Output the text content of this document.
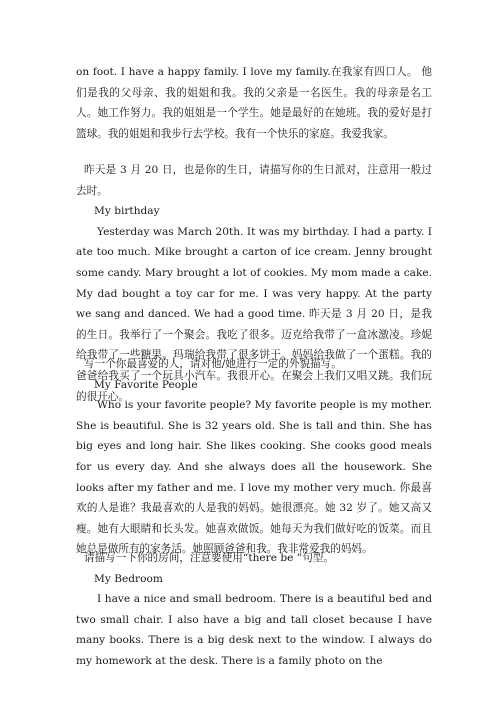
on foot. I have a happy family. I love my family.在我家有四口人。 他们是我的父母亲、我的姐姐和我。我的父亲是一名医生。我的母亲是名工人。她工作努力。我的姐姐是一个学生。她是最好的在她班。我的爱好是打篮球。我的姐姐和我步行去学校。我有一个快乐的家庭。我爱我家。

昨天是 3 月 20 日，也是你的生日，请描写你的生日派对，注意用一般过去时。

My birthday

Yesterday was March 20th. It was my birthday. I had a party. I ate too much. Mike brought a carton of ice cream. Jenny brought some candy. Mary brought a lot of cookies. My mom made a cake. My dad bought a toy car for me. I was very happy. At the party we sang and danced. We had a good time. 昨天是 3 月 20 日，是我的生日。我举行了一个聚会。我吃了很多。迈克给我带了一盒冰激凌。珍妮给我带了一些糖果。玛瑞给我带了很多饼干。妈妈给我做了一个蛋糕。我的爸爸给我买了一个玩具小汽车。我很开心。在聚会上我们又唱又跳。我们玩的很开心。

写一个你最喜爱的人，请对他/她进行一定的外貌描写。

My Favorite People

Who is your favorite people? My favorite people is my mother. She is beautiful. She is 32 years old. She is tall and thin. She has big eyes and long hair. She likes cooking. She cooks good meals for us every day. And she always does all the housework. She looks after my father and me. I love my mother very much. 你最喜欢的人是谁？我最喜欢的人是我的妈妈。她很漂亮。她 32 岁了。她又高又瘦。她有大眼睛和长头发。她喜欢做饭。她每天为我们做好吃的饭菜。而且她总是做所有的家务活。她照顾爸爸和我。我非常爱我的妈妈。

请描写一下你的房间，注意要使用“there be ”句型。

My Bedroom

I have a nice and small bedroom. There is a beautiful bed and two small chair. I also have a big and tall closet because I have many books. There is a big desk next to the window. I always do my homework at the desk. There is a family photo on the
